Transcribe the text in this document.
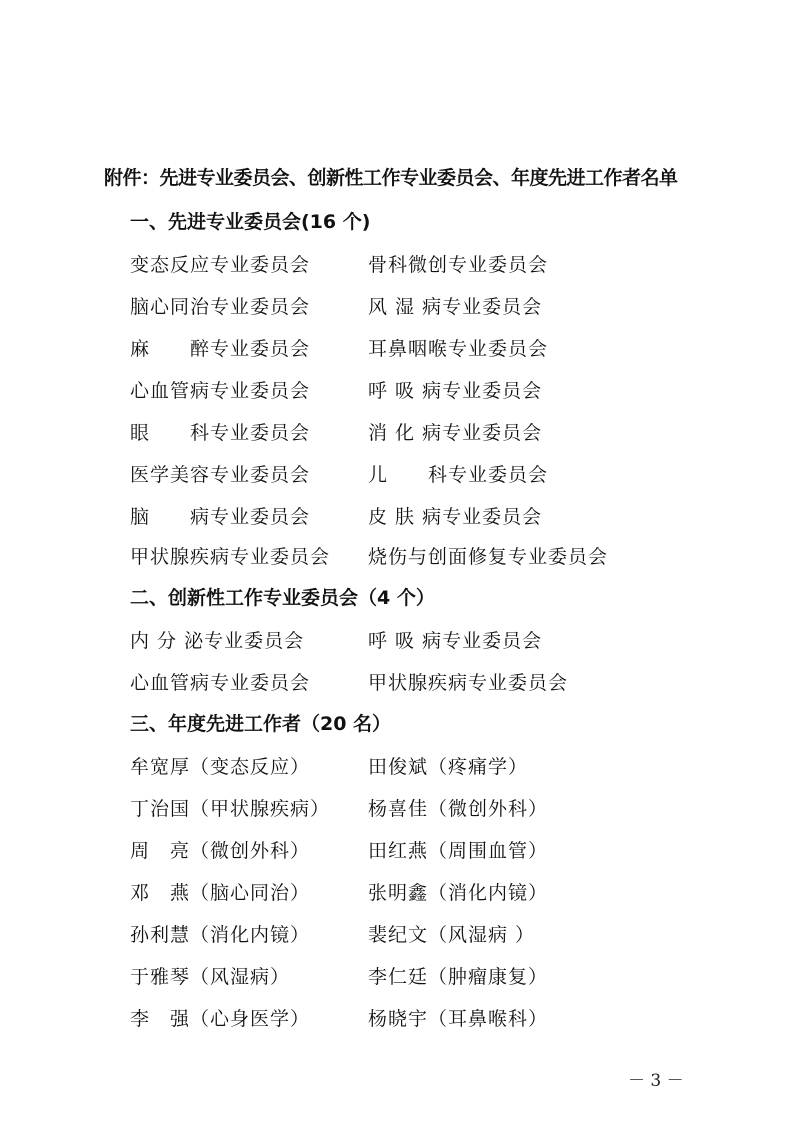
附件：先进专业委员会、创新性工作专业委员会、年度先进工作者名单
一、先进专业委员会(16 个)
变态反应专业委员会	骨科微创专业委员会
脑心同治专业委员会	风 湿 病专业委员会
麻　　醉专业委员会	耳鼻咽喉专业委员会
心血管病专业委员会	呼 吸 病专业委员会
眼　　科专业委员会	消 化 病专业委员会
医学美容专业委员会	儿　　科专业委员会
脑　　病专业委员会	皮 肤 病专业委员会
甲状腺疾病专业委员会 烧伤与创面修复专业委员会
二、创新性工作专业委员会（4 个）
内 分 泌专业委员会	呼 吸 病专业委员会
心血管病专业委员会	甲状腺疾病专业委员会
三、年度先进工作者（20 名）
牟宽厚（变态反应）	田俊斌（疼痛学）
丁治国（甲状腺疾病） 杨喜佳（微创外科）
周　亮（微创外科）	田红燕（周围血管）
邓　燕（脑心同治）	张明鑫（消化内镜）
孙利慧（消化内镜）	裴纪文（风湿病 ）
于雅琴（风湿病）	李仁廷（肿瘤康复）
李　强（心身医学）	杨晓宇（耳鼻喉科）
－ 3 －
